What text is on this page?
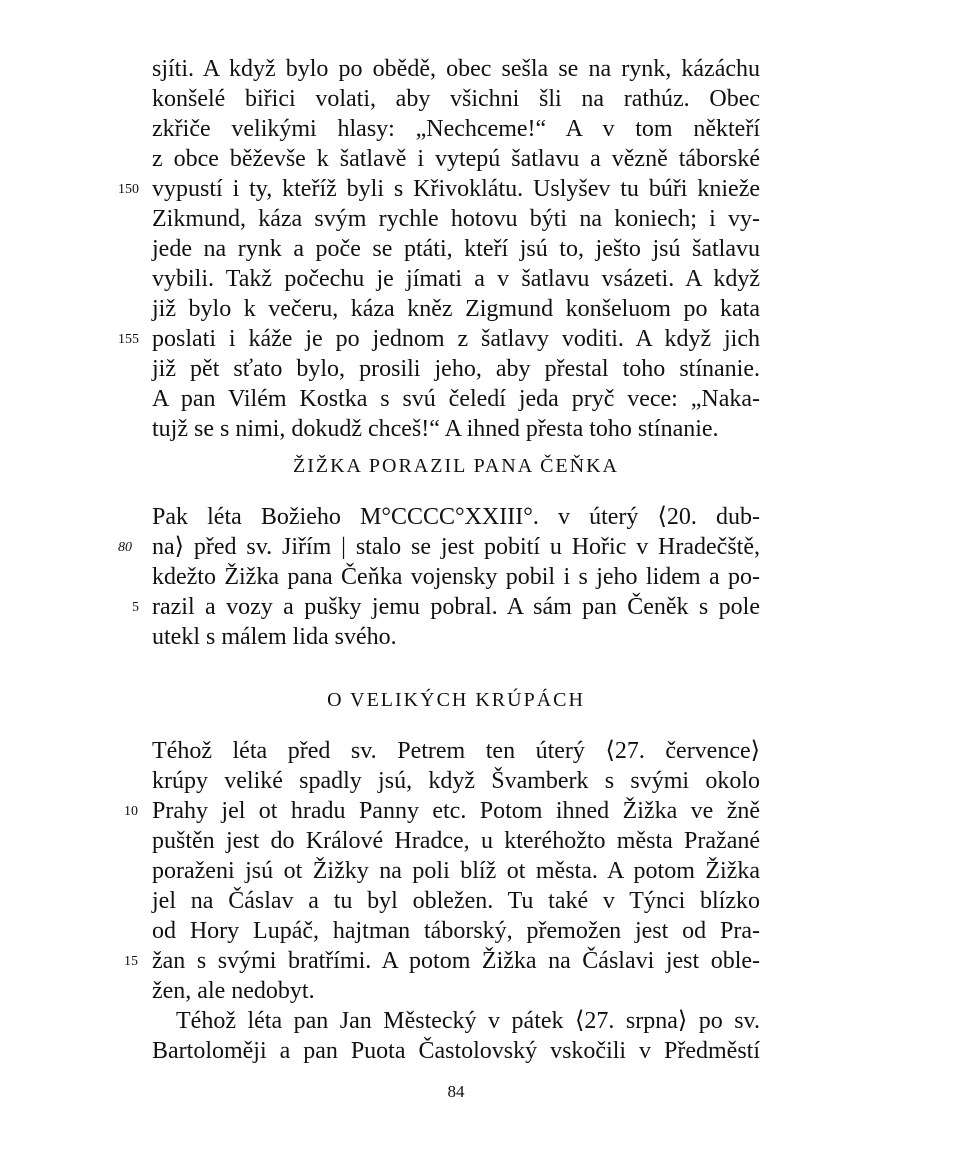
sjíti. A když bylo po obědě, obec sešla se na rynk, kázáchu
konšelé biřici volati, aby všichni šli na rathúz. Obec
zkřiče velikými hlasy: „Nechceme!“ A v tom někteří
z obce běževše k šatlavě i vytepú šatlavu a vězně táborské
vypustí i ty, kteříž byli s Křivoklátu. Uslyšev tu búři knieže
Zikmund, káza svým rychle hotovu býti na koniech; i vy-
jede na rynk a poče se ptáti, kteří jsú to, ješto jsú šatlavu
vybili. Takž počechu je jímati a v šatlavu vsázeti. A když
již bylo k večeru, káza kněz Zigmund konšeluom po kata
poslati i káže je po jednom z šatlavy voditi. A když jich
již pět sťato bylo, prosili jeho, aby přestal toho stínanie.
A pan Vilém Kostka s svú čeledí jeda pryč vece: „Naka-
tujž se s nimi, dokudž chceš!“ A ihned přesta toho stínanie.
150
155
ŽIŽKA PORAZIL PANA ČEŇKA
Pak léta Božieho M°CCCC°XXIII°. v úterý ⟨20. dub-
na⟩ před sv. Jiřím | stalo se jest pobití u Hořic v Hradečště,
kdežto Žižka pana Čeňka vojensky pobil i s jeho lidem a po-
razil a vozy a pušky jemu pobral. A sám pan Čeněk s pole
utekl s málem lida svého.
80
5
O VELIKÝCH KRÚPÁCH
Téhož léta před sv. Petrem ten úterý ⟨27. července⟩
krúpy veliké spadly jsú, když Švamberk s svými okolo
Prahy jel ot hradu Panny etc. Potom ihned Žižka ve žně
puštěn jest do Králové Hradce, u kteréhožto města Pražané
poraženi jsú ot Žižky na poli blíž ot města. A potom Žižka
jel na Čáslav a tu byl obležen. Tu také v Týnci blízko
od Hory Lupáč, hajtman táborský, přemožen jest od Pra-
žan s svými bratřími. A potom Žižka na Čáslavi jest oble-
žen, ale nedobyt.
Téhož léta pan Jan Městecký v pátek ⟨27. srpna⟩ po sv.
Bartoloměji a pan Puota Častolovský vskočili v Předměstí
10
15
84
